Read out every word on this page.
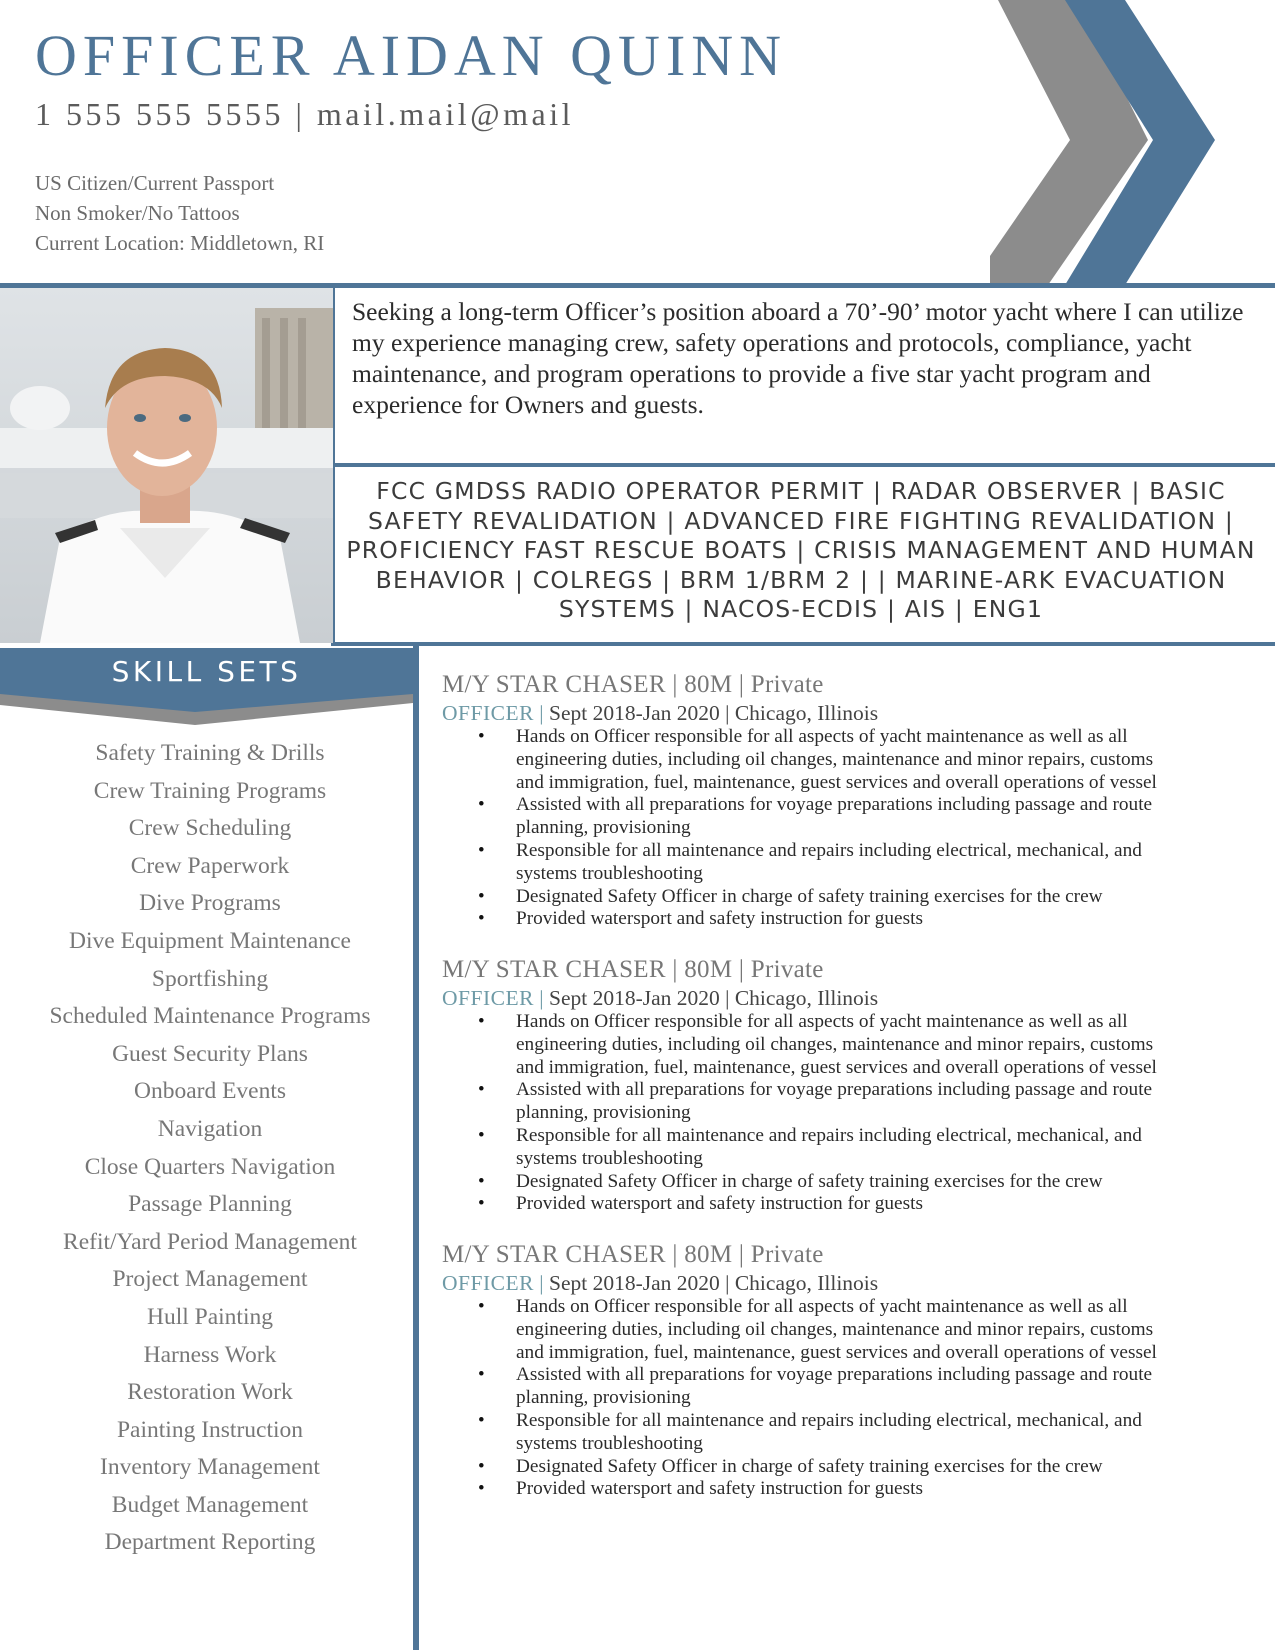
OFFICER AIDAN QUINN
1 555 555 5555 | mail.mail@mail
US Citizen/Current Passport
Non Smoker/No Tattoos
Current Location: Middletown, RI

Seeking a long-term Officer’s position aboard a 70’-90’ motor yacht where I can utilize my experience managing crew, safety operations and protocols, compliance, yacht maintenance, and program operations to provide a five star yacht program and experience for Owners and guests.

FCC GMDSS RADIO OPERATOR PERMIT | RADAR OBSERVER | BASIC
SAFETY REVALIDATION | ADVANCED FIRE FIGHTING REVALIDATION |
PROFICIENCY FAST RESCUE BOATS | CRISIS MANAGEMENT AND HUMAN
BEHAVIOR | COLREGS | BRM 1/BRM 2 | | MARINE-ARK EVACUATION
SYSTEMS | NACOS-ECDIS | AIS | ENG1
SKILL SETS
Safety Training & Drills
Crew Training Programs
Crew Scheduling
Crew Paperwork
Dive Programs
Dive Equipment Maintenance
Sportfishing
Scheduled Maintenance Programs
Guest Security Plans
Onboard Events
Navigation
Close Quarters Navigation
Passage Planning
Refit/Yard Period Management
Project Management
Hull Painting
Harness Work
Restoration Work
Painting Instruction
Inventory Management
Budget Management
Department Reporting
M/Y STAR CHASER | 80M | Private
OFFICER | Sept 2018-Jan 2020 | Chicago, Illinois
• Hands on Officer responsible for all aspects of yacht maintenance as well as all
engineering duties, including oil changes, maintenance and minor repairs, customs
and immigration, fuel, maintenance, guest services and overall operations of vessel
• Assisted with all preparations for voyage preparations including passage and route
planning, provisioning
• Responsible for all maintenance and repairs including electrical, mechanical, and
systems troubleshooting
• Designated Safety Officer in charge of safety training exercises for the crew
• Provided watersport and safety instruction for guests
M/Y STAR CHASER | 80M | Private
OFFICER | Sept 2018-Jan 2020 | Chicago, Illinois
• Hands on Officer responsible for all aspects of yacht maintenance as well as all
engineering duties, including oil changes, maintenance and minor repairs, customs
and immigration, fuel, maintenance, guest services and overall operations of vessel
• Assisted with all preparations for voyage preparations including passage and route
planning, provisioning
• Responsible for all maintenance and repairs including electrical, mechanical, and
systems troubleshooting
• Designated Safety Officer in charge of safety training exercises for the crew
• Provided watersport and safety instruction for guests
M/Y STAR CHASER | 80M | Private
OFFICER | Sept 2018-Jan 2020 | Chicago, Illinois
• Hands on Officer responsible for all aspects of yacht maintenance as well as all
engineering duties, including oil changes, maintenance and minor repairs, customs
and immigration, fuel, maintenance, guest services and overall operations of vessel
• Assisted with all preparations for voyage preparations including passage and route
planning, provisioning
• Responsible for all maintenance and repairs including electrical, mechanical, and
systems troubleshooting
• Designated Safety Officer in charge of safety training exercises for the crew
• Provided watersport and safety instruction for guests
